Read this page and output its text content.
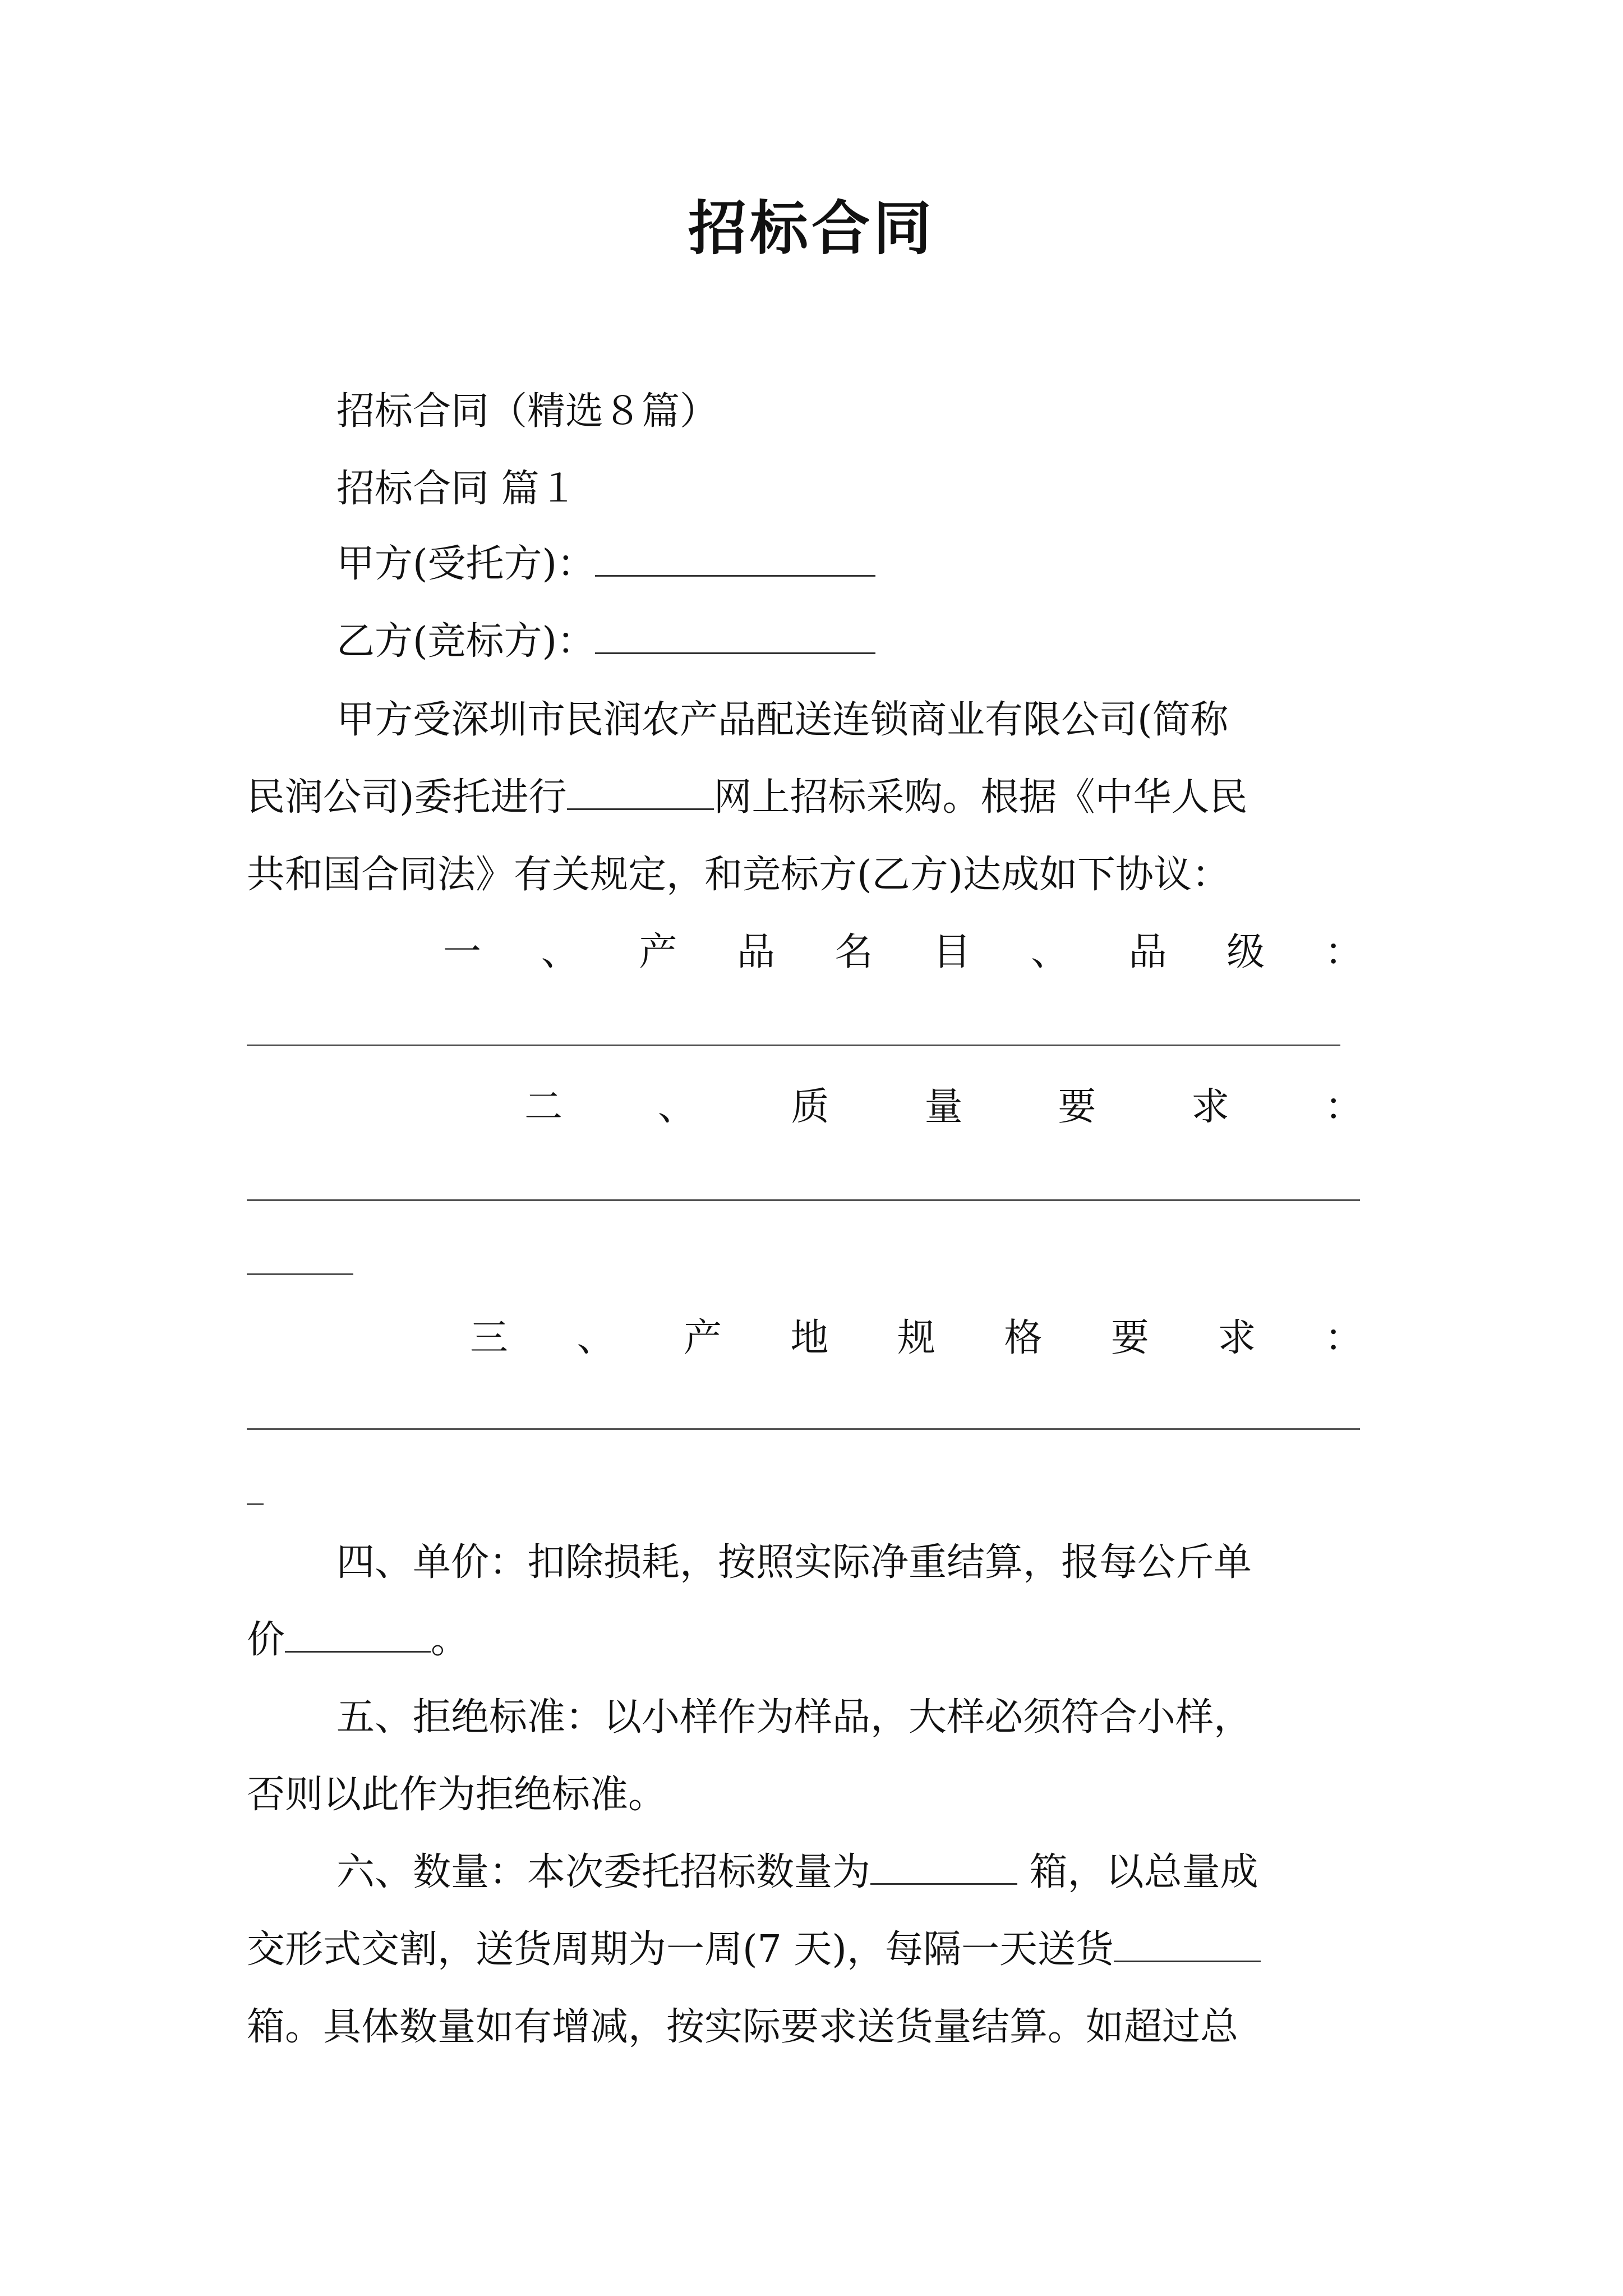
招标合同
招标合同（精选８篇）
招标合同 篇１
甲方(受托方)：
乙方(竞标方)：
甲方受深圳市民润农产品配送连锁商业有限公司(简称
民润公司)委托进行	网上招标采购。根据《中华人民
共和国合同法》有关规定，和竞标方(乙方)达成如下协议：
一 、 产 品 名 目 、 品 级 ：
二 、 质 量 要 求 ：
三 、 产 地 规 格 要 求 ：
四、单价：扣除损耗，按照实际净重结算，报每公斤单
价	。
五、拒绝标准：以小样作为样品，大样必须符合小样，
否则以此作为拒绝标准。
六、数量：本次委托招标数量为	箱，以总量成
交形式交割，送货周期为一周(7 天)，每隔一天送货
箱。具体数量如有增减，按实际要求送货量结算。如超过总
